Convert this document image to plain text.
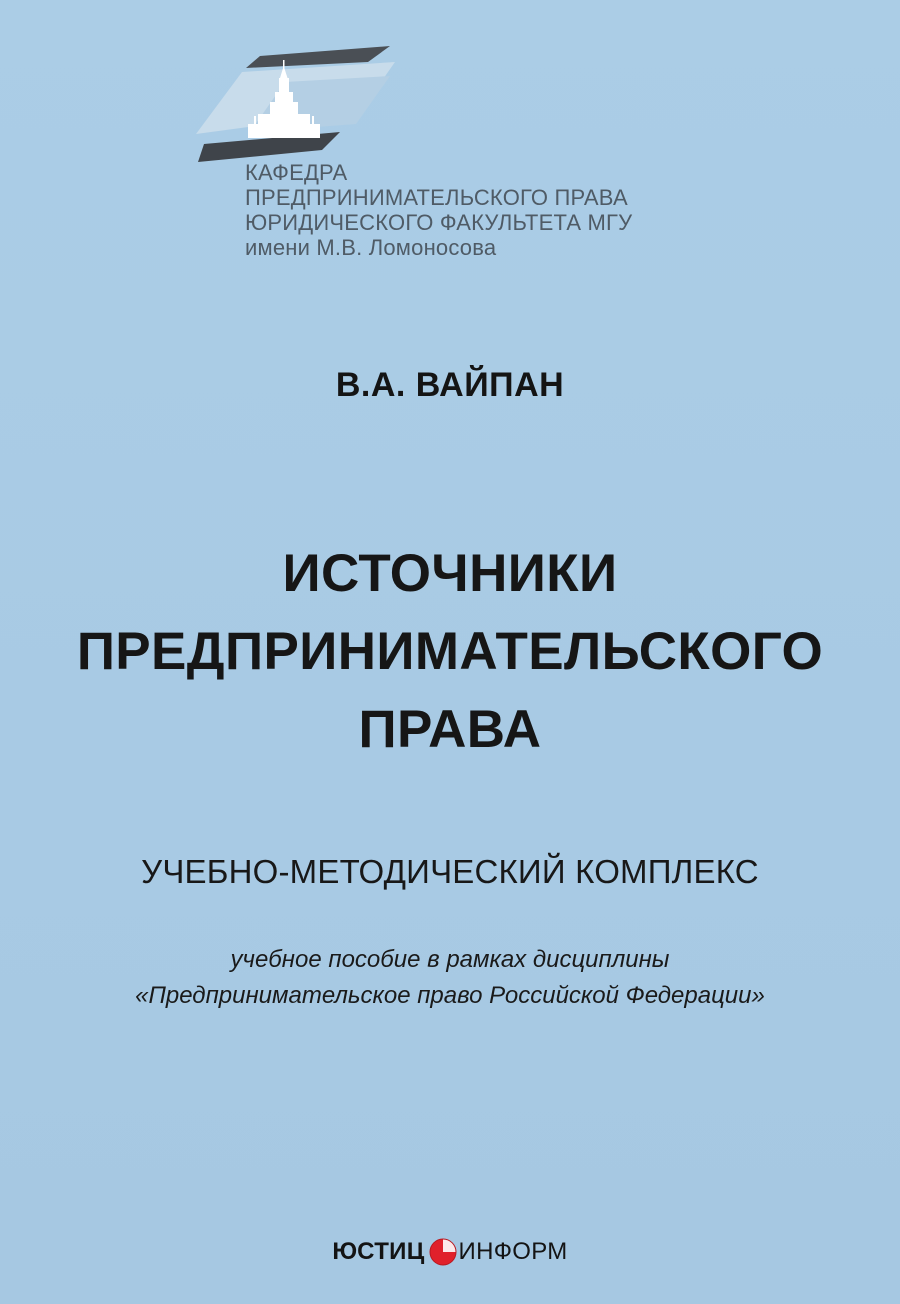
КАФЕДРА
ПРЕДПРИНИМАТЕЛЬСКОГО ПРАВА
ЮРИДИЧЕСКОГО ФАКУЛЬТЕТА МГУ
имени М.В. Ломоносова
В.А. ВАЙПАН
ИСТОЧНИКИ
ПРЕДПРИНИМАТЕЛЬСКОГО
ПРАВА
УЧЕБНО-МЕТОДИЧЕСКИЙ КОМПЛЕКС
учебное пособие в рамках дисциплины
«Предпринимательское право Российской Федерации»
ЮСТИЦ ИНФОРМ
